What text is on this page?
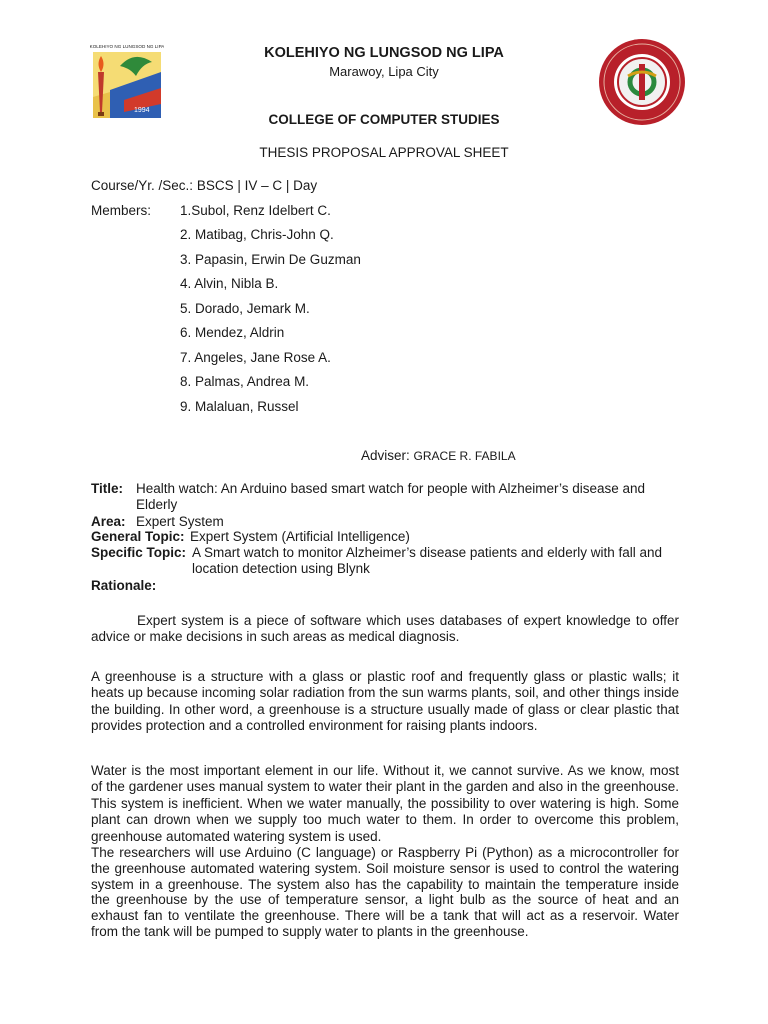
KOLEHIYO NG LUNGSOD NG LIPA
1994
KOLEHIYO NG LUNGSOD NG LIPA
Marawoy, Lipa City
COLLEGE OF COMPUTER STUDIES
THESIS PROPOSAL APPROVAL SHEET
Course/Yr. /Sec.: BSCS | IV – C | Day
Members: 1.Subol, Renz Idelbert C.
2. Matibag, Chris-John Q.
3. Papasin, Erwin De Guzman
4. Alvin, Nibla B.
5. Dorado, Jemark M.
6. Mendez, Aldrin
7. Angeles, Jane Rose A.
8. Palmas, Andrea M.
9. Malaluan, Russel
Adviser: GRACE R. FABILA
Title: Health watch: An Arduino based smart watch for people with Alzheimer’s disease and
Elderly
Area: Expert System
General Topic: Expert System (Artificial Intelligence)
Specific Topic: A Smart watch to monitor Alzheimer’s disease patients and elderly with fall and
location detection using Blynk
Rationale:

Expert system is a piece of software which uses databases of expert knowledge to offer

advice or make decisions in such areas as medical diagnosis.

A greenhouse is a structure with a glass or plastic roof and frequently glass or plastic walls; it

heats up because incoming solar radiation from the sun warms plants, soil, and other things inside

the building. In other word, a greenhouse is a structure usually made of glass or clear plastic that

provides protection and a controlled environment for raising plants indoors.

Water is the most important element in our life. Without it, we cannot survive. As we know, most

of the gardener uses manual system to water their plant in the garden and also in the greenhouse.

This system is inefficient. When we water manually, the possibility to over watering is high. Some

plant can drown when we supply too much water to them. In order to overcome this problem,

greenhouse automated watering system is used.

The researchers will use Arduino (C language) or Raspberry Pi (Python) as a microcontroller for

the greenhouse automated watering system. Soil moisture sensor is used to control the watering

system in a greenhouse. The system also has the capability to maintain the temperature inside

the greenhouse by the use of temperature sensor, a light bulb as the source of heat and an

exhaust fan to ventilate the greenhouse. There will be a tank that will act as a reservoir. Water

from the tank will be pumped to supply water to plants in the greenhouse.
